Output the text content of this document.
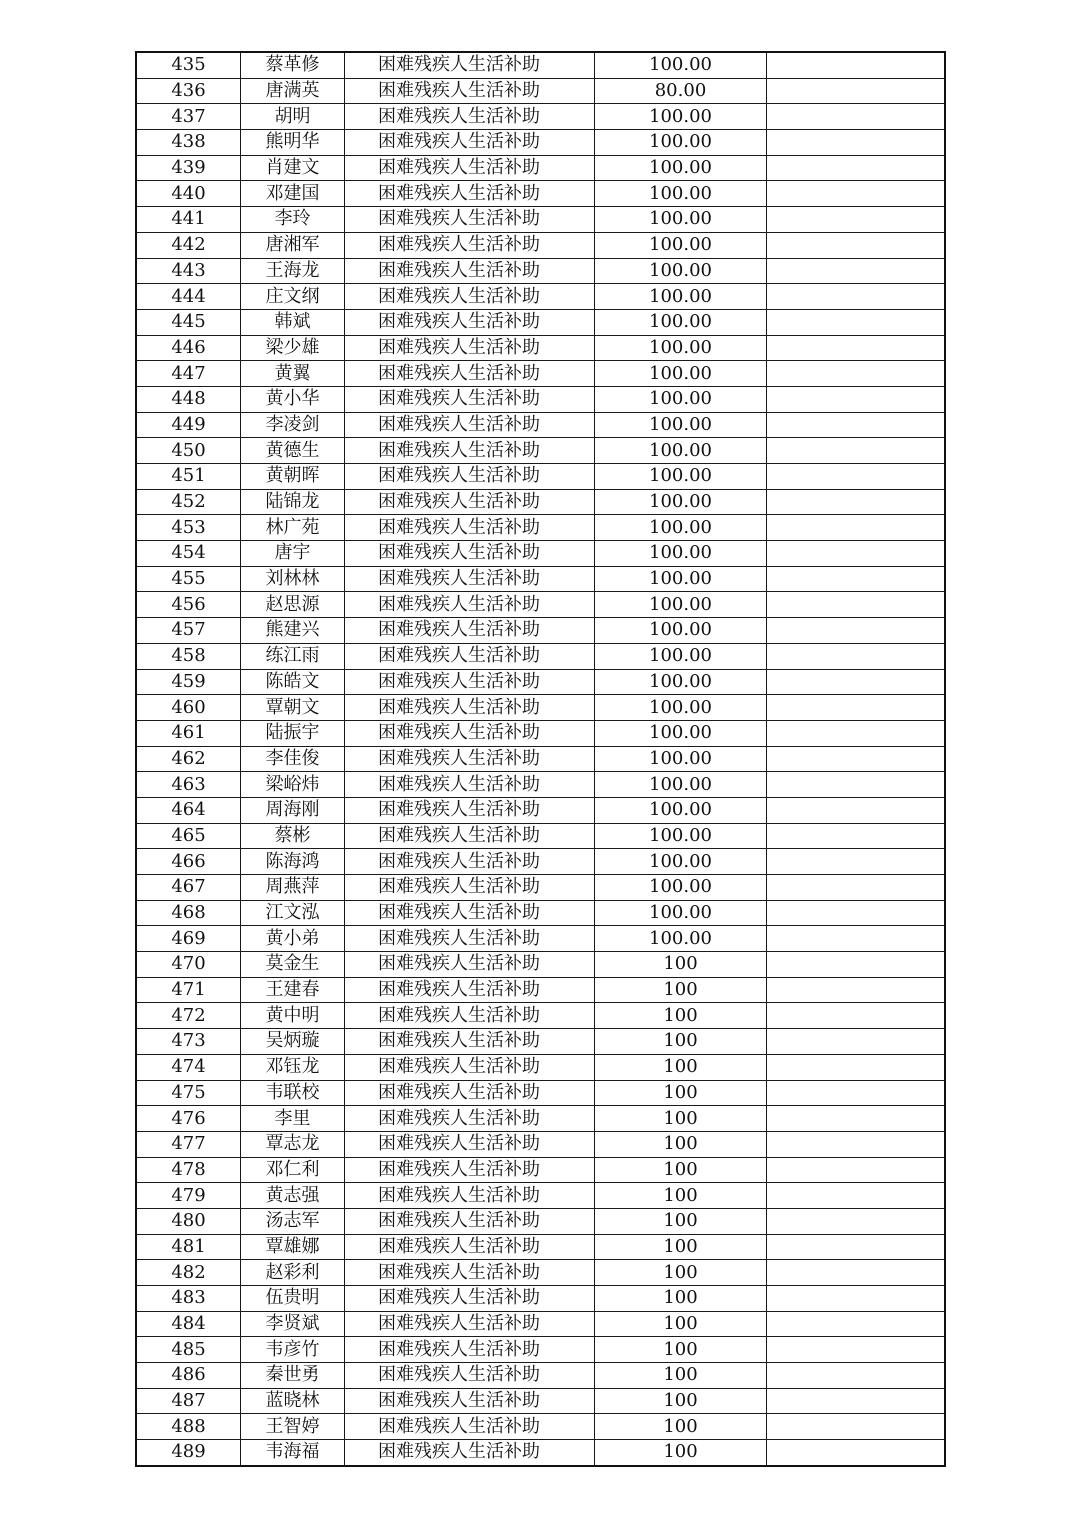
435	蔡革修	困难残疾人生活补助	100.00	
436	唐满英	困难残疾人生活补助	80.00	
437	胡明	困难残疾人生活补助	100.00	
438	熊明华	困难残疾人生活补助	100.00	
439	肖建文	困难残疾人生活补助	100.00	
440	邓建国	困难残疾人生活补助	100.00	
441	李玲	困难残疾人生活补助	100.00	
442	唐湘军	困难残疾人生活补助	100.00	
443	王海龙	困难残疾人生活补助	100.00	
444	庄文纲	困难残疾人生活补助	100.00	
445	韩斌	困难残疾人生活补助	100.00	
446	梁少雄	困难残疾人生活补助	100.00	
447	黄翼	困难残疾人生活补助	100.00	
448	黄小华	困难残疾人生活补助	100.00	
449	李凌剑	困难残疾人生活补助	100.00	
450	黄德生	困难残疾人生活补助	100.00	
451	黄朝晖	困难残疾人生活补助	100.00	
452	陆锦龙	困难残疾人生活补助	100.00	
453	林广苑	困难残疾人生活补助	100.00	
454	唐宇	困难残疾人生活补助	100.00	
455	刘林林	困难残疾人生活补助	100.00	
456	赵思源	困难残疾人生活补助	100.00	
457	熊建兴	困难残疾人生活补助	100.00	
458	练江雨	困难残疾人生活补助	100.00	
459	陈皓文	困难残疾人生活补助	100.00	
460	覃朝文	困难残疾人生活补助	100.00	
461	陆振宇	困难残疾人生活补助	100.00	
462	李佳俊	困难残疾人生活补助	100.00	
463	梁峪炜	困难残疾人生活补助	100.00	
464	周海刚	困难残疾人生活补助	100.00	
465	蔡彬	困难残疾人生活补助	100.00	
466	陈海鸿	困难残疾人生活补助	100.00	
467	周燕萍	困难残疾人生活补助	100.00	
468	江文泓	困难残疾人生活补助	100.00	
469	黄小弟	困难残疾人生活补助	100.00	
470	莫金生	困难残疾人生活补助	100	
471	王建春	困难残疾人生活补助	100	
472	黄中明	困难残疾人生活补助	100	
473	吴炳璇	困难残疾人生活补助	100	
474	邓钰龙	困难残疾人生活补助	100	
475	韦联校	困难残疾人生活补助	100	
476	李里	困难残疾人生活补助	100	
477	覃志龙	困难残疾人生活补助	100	
478	邓仁利	困难残疾人生活补助	100	
479	黄志强	困难残疾人生活补助	100	
480	汤志军	困难残疾人生活补助	100	
481	覃雄娜	困难残疾人生活补助	100	
482	赵彩利	困难残疾人生活补助	100	
483	伍贵明	困难残疾人生活补助	100	
484	李贤斌	困难残疾人生活补助	100	
485	韦彦竹	困难残疾人生活补助	100	
486	秦世勇	困难残疾人生活补助	100	
487	蓝晓林	困难残疾人生活补助	100	
488	王智婷	困难残疾人生活补助	100	
489	韦海福	困难残疾人生活补助	100	
